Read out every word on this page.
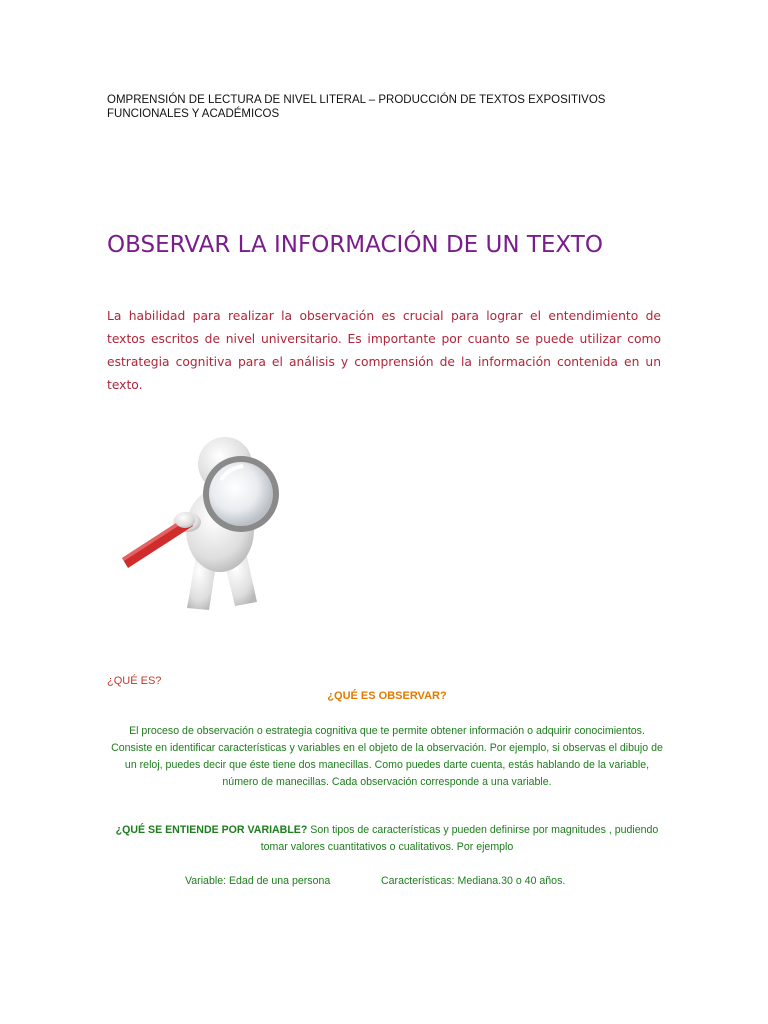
OMPRENSIÓN DE LECTURA DE NIVEL LITERAL – PRODUCCIÓN DE TEXTOS EXPOSITIVOS FUNCIONALES Y ACADÉMICOS
OBSERVAR LA INFORMACIÓN DE UN TEXTO

La habilidad para realizar la observación es crucial para lograr el entendimiento de textos escritos de nivel universitario. Es importante por cuanto se puede utilizar como estrategia cognitiva para el análisis y comprensión de la información contenida en un texto.

¿QUÉ ES?
¿QUÉ ES OBSERVAR?

El proceso de observación o estrategia cognitiva que te permite obtener información o adquirir conocimientos. Consiste en identificar características y variables en el objeto de la observación. Por ejemplo, si observas el dibujo de un reloj, puedes decir que éste tiene dos manecillas. Como puedes darte cuenta, estás hablando de la variable, número de manecillas. Cada observación corresponde a una variable.

¿QUÉ SE ENTIENDE POR VARIABLE? Son tipos de características y pueden definirse por magnitudes , pudiendo tomar valores cuantitativos o cualitativos. Por ejemplo

Variable: Edad de una persona	Características: Mediana.30 o 40 años.
